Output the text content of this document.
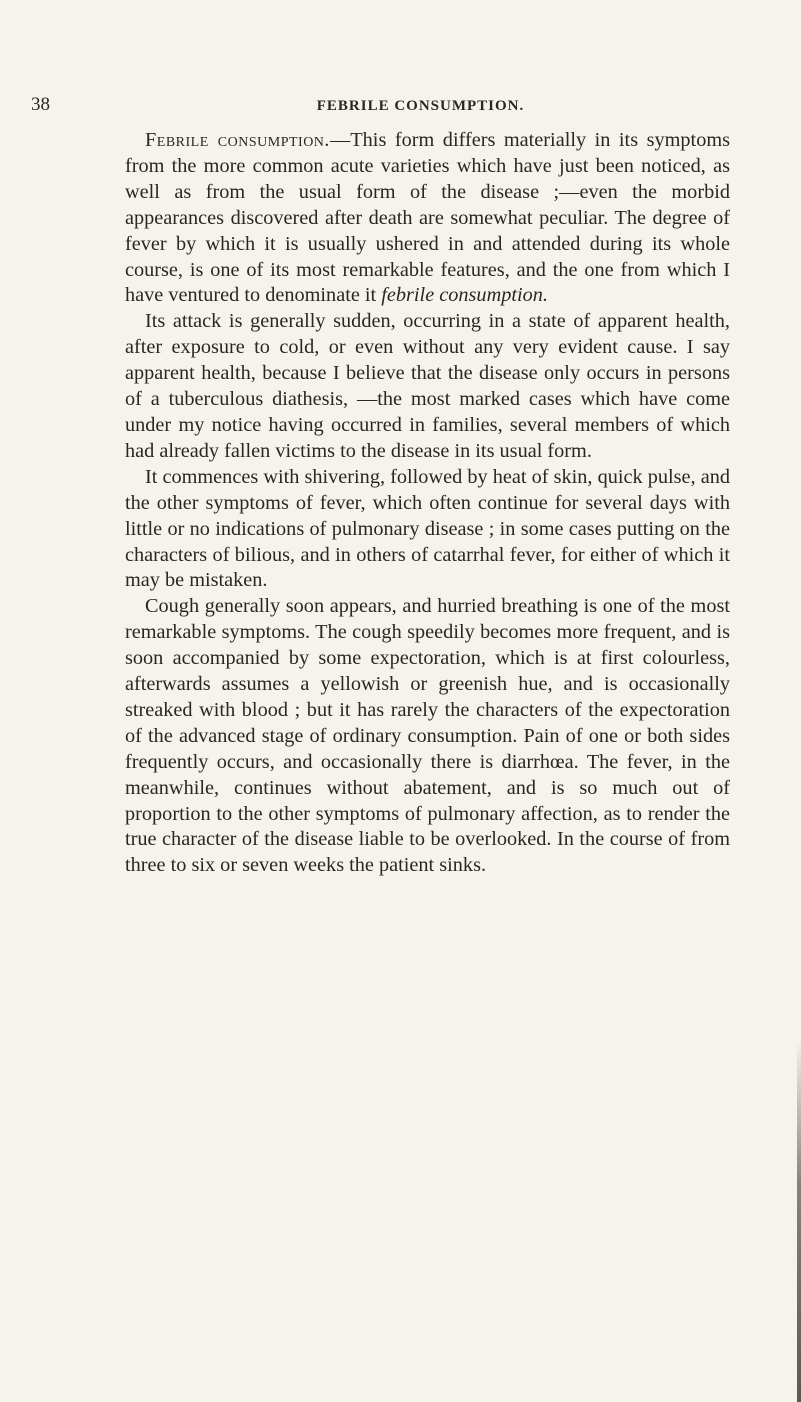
38	FEBRILE CONSUMPTION.

Febrile consumption.—This form differs materially in its symptoms from the more common acute varieties which have just been noticed, as well as from the usual form of the disease ;—even the morbid appearances discovered after death are somewhat peculiar. The degree of fever by which it is usually ushered in and attended during its whole course, is one of its most remarkable features, and the one from which I have ventured to denominate it febrile consumption.

Its attack is generally sudden, occurring in a state of apparent health, after exposure to cold, or even without any very evident cause. I say apparent health, because I believe that the disease only occurs in persons of a tuberculous diathesis, —the most marked cases which have come under my notice having occurred in families, several members of which had already fallen victims to the disease in its usual form.

It commences with shivering, followed by heat of skin, quick pulse, and the other symptoms of fever, which often continue for several days with little or no indications of pulmonary disease ; in some cases putting on the characters of bilious, and in others of catarrhal fever, for either of which it may be mistaken.

Cough generally soon appears, and hurried breathing is one of the most remarkable symptoms. The cough speedily becomes more frequent, and is soon accompanied by some expectoration, which is at first colourless, afterwards assumes a yellowish or greenish hue, and is occasionally streaked with blood ; but it has rarely the characters of the expectoration of the advanced stage of ordinary consumption. Pain of one or both sides frequently occurs, and occasionally there is diarrhœa. The fever, in the meanwhile, continues without abatement, and is so much out of proportion to the other symptoms of pulmonary affection, as to render the true character of the disease liable to be overlooked. In the course of from three to six or seven weeks the patient sinks.
